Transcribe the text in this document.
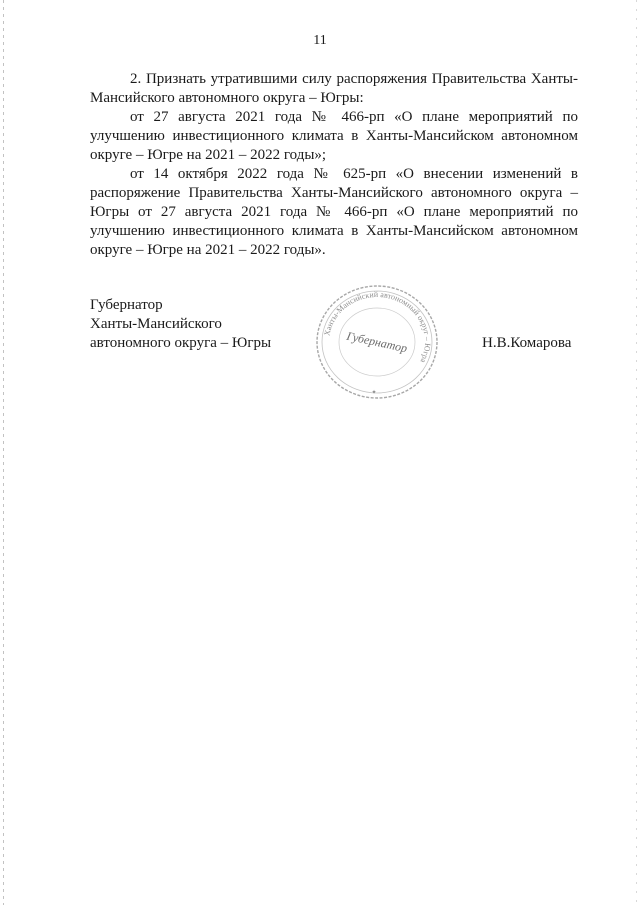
11

2. Признать утратившими силу распоряжения Правительства Ханты-Мансийского автономного округа – Югры:

от 27 августа 2021 года № 466-рп «О плане мероприятий по улучшению инвестиционного климата в Ханты-Мансийском автономном округе – Югре на 2021 – 2022 годы»;

от 14 октября 2022 года № 625-рп «О внесении изменений в распоряжение Правительства Ханты-Мансийского автономного округа – Югры от 27 августа 2021 года № 466-рп «О плане мероприятий по улучшению инвестиционного климата в Ханты-Мансийском автономном округе – Югре на 2021 – 2022 годы».

Губернатор
Ханты-Мансийского
автономного округа – Югры
Ханты-Мансийский автономный округ – Югра
Губернатор
✦
Н.В.Комарова
